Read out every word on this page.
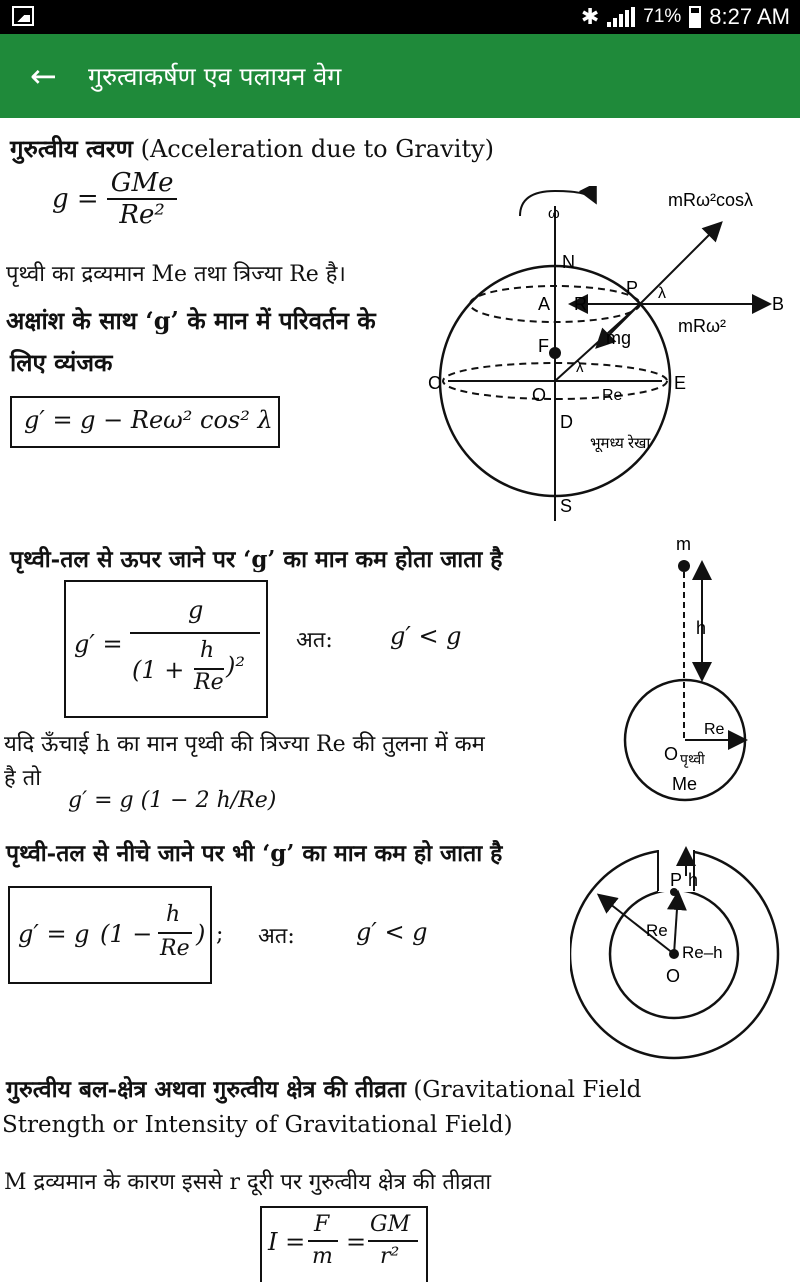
✱ 71% 8:27 AM
← गुरुत्वाकर्षण एव पलायन वेग
गुरुत्वीय त्वरण (Acceleration due to Gravity)
$g = \frac{\text{GMe}}{\text{Re²}}$
पृथ्वी का द्रव्यमान Me तथा त्रिज्या Re है।
अक्षांश के साथ ‘g’ के मान में परिवर्तन के
लिए व्यंजक
g′ = g − Reω² cos² λ
ω
mRω²cosλ
N
P λ
B
A R
mRω²
F	mg
C
O
λ
E
Re
D
भूमध्य रेखा
S
पृथ्वी-तल से ऊपर जाने पर ‘g’ का मान कम होता जाता है
g′ =
g
(1 +
h
Re
)²
अत: g′ < g
यदि ऊँचाई h का मान पृथ्वी की त्रिज्या Re की तुलना में कम
है तो
g′ = g (1 − 2 h/Re)
m
h
Re
O पृथ्वी
Me
पृथ्वी-तल से नीचे जाने पर भी ‘g’ का मान कम हो जाता है
g′ = g (1 −
h
Re
) ; अत:	g′ < g
P h
Re
Re–h
O
गुरुत्वीय बल-क्षेत्र अथवा गुरुत्वीय क्षेत्र की तीव्रता (Gravitational Field
Strength or Intensity of Gravitational Field)
M द्रव्यमान के कारण इससे r दूरी पर गुरुत्वीय क्षेत्र की तीव्रता
I =
F
m
=
GM
r²
